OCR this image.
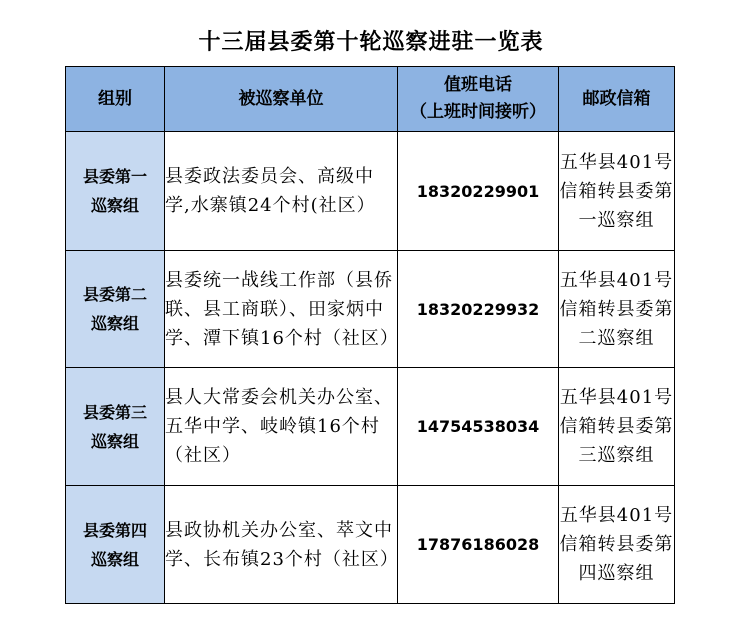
十三届县委第十轮巡察进驻一览表
组别	被巡察单位	值班电话
（上班时间接听）	邮政信箱

县委第一
巡察组	县委政法委员会、高级中学,水寨镇24个村(社区）	18320229901	五华县401号信箱转县委第一巡察组

县委第二
巡察组	县委统一战线工作部（县侨联、县工商联）、田家炳中学、潭下镇16个村（社区）	18320229932	五华县401号信箱转县委第二巡察组

县委第三
巡察组	县人大常委会机关办公室、五华中学、岐岭镇16个村（社区）	14754538034	五华县401号信箱转县委第三巡察组

县委第四
巡察组	县政协机关办公室、萃文中学、长布镇23个村（社区）	17876186028	五华县401号信箱转县委第四巡察组
